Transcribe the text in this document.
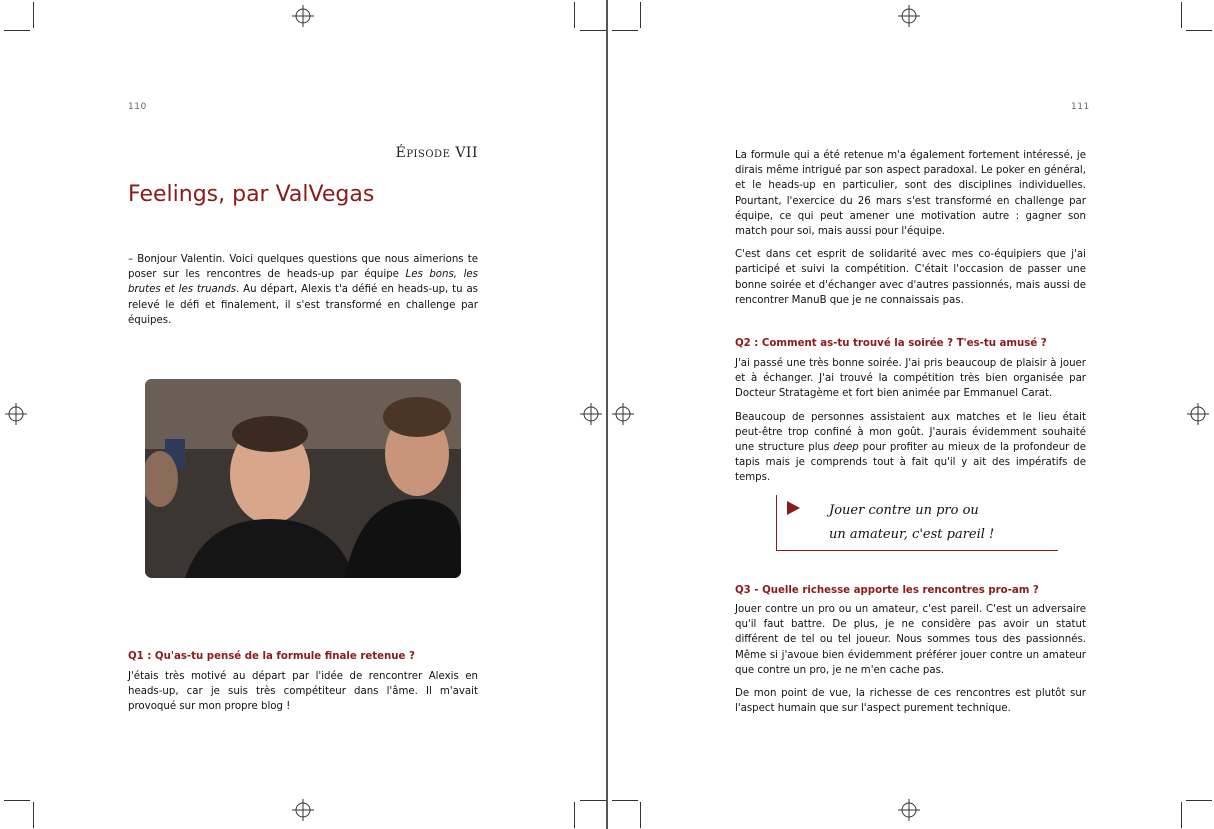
110
Épisode VII
Feelings, par ValVegas

– Bonjour Valentin. Voici quelques questions que nous aimerions te poser sur les rencontres de heads-up par équipe Les bons, les brutes et les truands. Au départ, Alexis t'a défié en heads-up, tu as relevé le défi et finalement, il s'est transformé en challenge par équipes.

Q1 : Qu'as-tu pensé de la formule finale retenue ?

J'étais très motivé au départ par l'idée de rencontrer Alexis en heads-up, car je suis très compétiteur dans l'âme. Il m'avait provoqué sur mon propre blog !

111

La formule qui a été retenue m'a également fortement intéressé, je dirais même intrigué par son aspect paradoxal. Le poker en général, et le heads-up en particulier, sont des disciplines individuelles. Pourtant, l'exercice du 26 mars s'est transformé en challenge par équipe, ce qui peut amener une motivation autre : gagner son match pour soi, mais aussi pour l'équipe.

C'est dans cet esprit de solidarité avec mes co-équipiers que j'ai participé et suivi la compétition. C'était l'occasion de passer une bonne soirée et d'échanger avec d'autres passionnés, mais aussi de rencontrer ManuB que je ne connaissais pas.

Q2 : Comment as-tu trouvé la soirée ? T'es-tu amusé ?

J'ai passé une très bonne soirée. J'ai pris beaucoup de plaisir à jouer et à échanger. J'ai trouvé la compétition très bien organisée par Docteur Stratagème et fort bien animée par Emmanuel Carat.

Beaucoup de personnes assistaient aux matches et le lieu était peut-être trop confiné à mon goût. J'aurais évidemment souhaité une structure plus deep pour profiter au mieux de la profondeur de tapis mais je comprends tout à fait qu'il y ait des impératifs de temps.

Jouer contre un pro ou
un amateur, c'est pareil !
Q3 - Quelle richesse apporte les rencontres pro-am ?

Jouer contre un pro ou un amateur, c'est pareil. C'est un adversaire qu'il faut battre. De plus, je ne considère pas avoir un statut différent de tel ou tel joueur. Nous sommes tous des passionnés. Même si j'avoue bien évidemment préférer jouer contre un amateur que contre un pro, je ne m'en cache pas.

De mon point de vue, la richesse de ces rencontres est plutôt sur l'aspect humain que sur l'aspect purement technique.
